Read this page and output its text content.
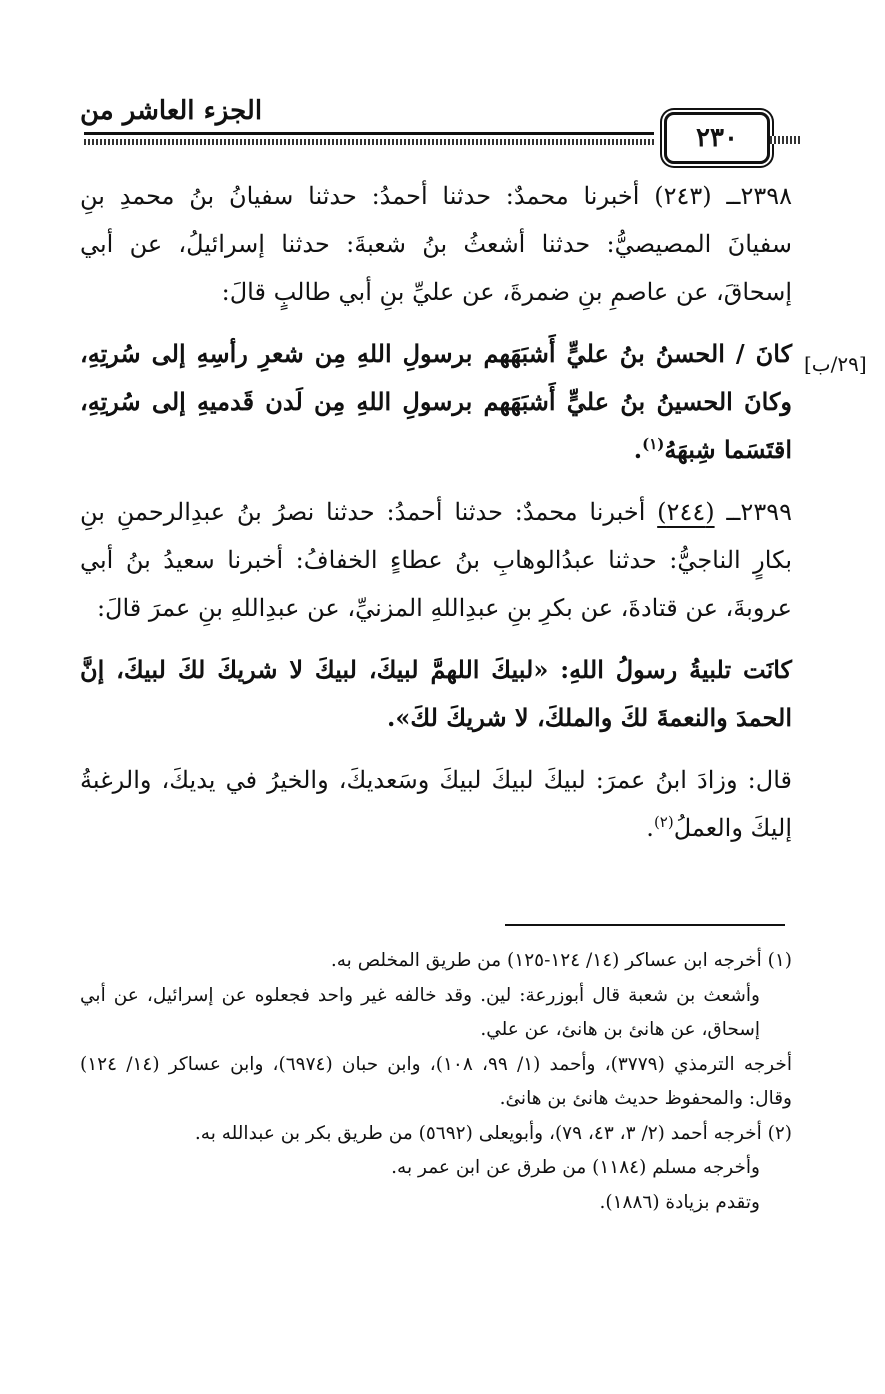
الجزء العاشر من
٢٣٠
[٢٩/ب]

٢٣٩٨ــ (٢٤٣) أخبرنا محمدٌ: حدثنا أحمدُ: حدثنا سفيانُ بنُ محمدِ بنِ سفيانَ المصيصيُّ: حدثنا أشعثُ بنُ شعبةَ: حدثنا إسرائيلُ، عن أبي إسحاقَ، عن عاصمِ بنِ ضمرةَ، عن عليِّ بنِ أبي طالبٍ قالَ:

كانَ / الحسنُ بنُ عليٍّ أَشبَهَهم برسولِ اللهِ مِن شعرِ رأسِهِ إلى سُرتِهِ، وكانَ الحسينُ بنُ عليٍّ أَشبَهَهم برسولِ اللهِ مِن لَدن قَدميهِ إلى سُرتِهِ، اقتَسَما شِبهَهُ$^{(١)}$.

٢٣٩٩ــ (٢٤٤) أخبرنا محمدٌ: حدثنا أحمدُ: حدثنا نصرُ بنُ عبدِالرحمنِ بنِ بكارٍ الناجيُّ: حدثنا عبدُالوهابِ بنُ عطاءٍ الخفافُ: أخبرنا سعيدُ بنُ أبي عروبةَ، عن قتادةَ، عن بكرِ بنِ عبدِاللهِ المزنيِّ، عن عبدِاللهِ بنِ عمرَ قالَ:

كانَت تلبيةُ رسولُ اللهِ: «لبيكَ اللهمَّ لبيكَ، لبيكَ لا شريكَ لكَ لبيكَ، إنَّ الحمدَ والنعمةَ لكَ والملكَ، لا شريكَ لكَ».

قال: وزادَ ابنُ عمرَ: لبيكَ لبيكَ لبيكَ وسَعديكَ، والخيرُ في يديكَ، والرغبةُ إليكَ والعملُ$^{(٢)}$.

(١) أخرجه ابن عساكر (١٤/ ١٢٤-١٢٥) من طريق المخلص به.

وأشعث بن شعبة قال أبوزرعة: لين. وقد خالفه غير واحد فجعلوه عن إسرائيل، عن أبي إسحاق، عن هانئ بن هانئ، عن علي.

أخرجه الترمذي (٣٧٧٩)، وأحمد (١/ ٩٩، ١٠٨)، وابن حبان (٦٩٧٤)، وابن عساكر (١٤/ ١٢٤) وقال: والمحفوظ حديث هانئ بن هانئ.

(٢) أخرجه أحمد (٢/ ٣، ٤٣، ٧٩)، وأبويعلى (٥٦٩٢) من طريق بكر بن عبدالله به.

وأخرجه مسلم (١١٨٤) من طرق عن ابن عمر به.

وتقدم بزيادة (١٨٨٦).
